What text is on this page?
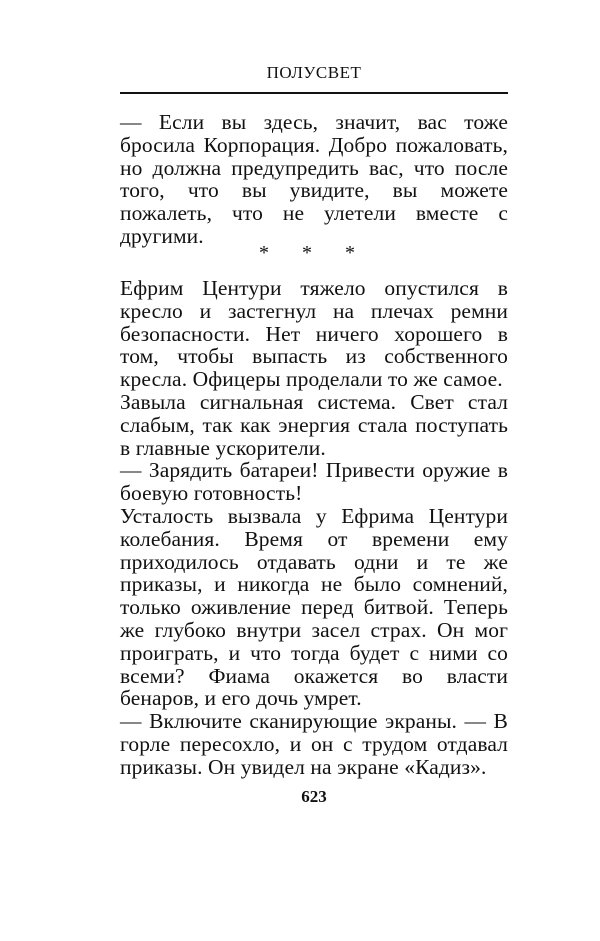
ПОЛУСВЕТ

— Если вы здесь, значит, вас тоже бросила Корпорация. Добро пожаловать, но должна предупредить вас, что после того, что вы увидите, вы можете пожалеть, что не улетели вместе с другими.

* * *

Ефрим Центури тяжело опустился в кресло и застегнул на плечах ремни безопасности. Нет ничего хорошего в том, чтобы выпасть из собственного кресла. Офицеры проделали то же самое.

Завыла сигнальная система. Свет стал слабым, так как энергия стала поступать в главные ускорители.

— Зарядить батареи! Привести оружие в боевую готовность!

Усталость вызвала у Ефрима Центури колебания. Время от времени ему приходилось отдавать одни и те же приказы, и никогда не было сомнений, только оживление перед битвой. Теперь же глубоко внутри засел страх. Он мог проиграть, и что тогда будет с ними со всеми? Фиама окажется во власти бенаров, и его дочь умрет.

— Включите сканирующие экраны. — В горле пересохло, и он с трудом отдавал приказы. Он увидел на экране «Кадиз».

623
